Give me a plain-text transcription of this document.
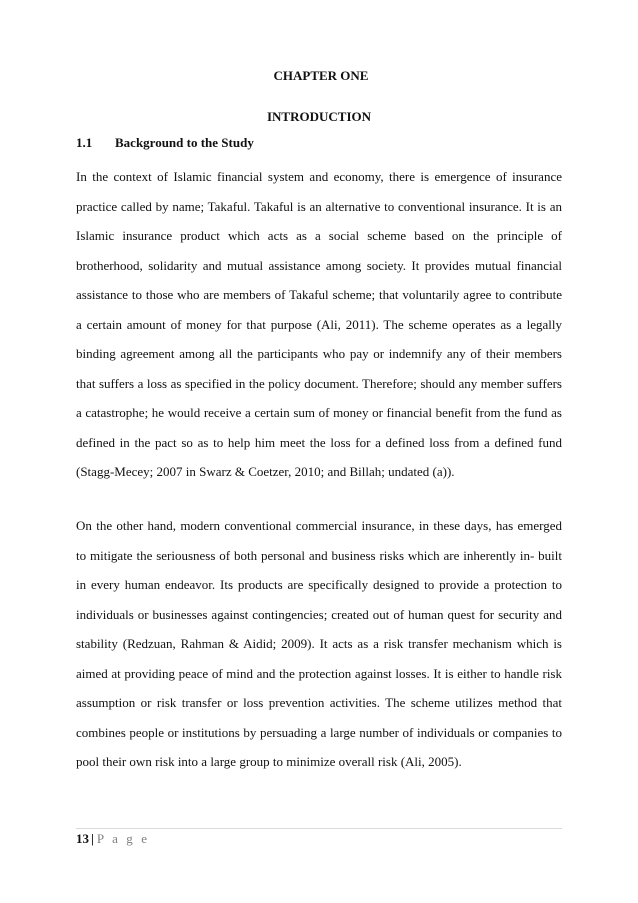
CHAPTER ONE
INTRODUCTION
1.1 Background to the Study

In the context of Islamic financial system and economy, there is emergence of insurance practice called by name; Takaful. Takaful is an alternative to conventional insurance. It is an Islamic insurance product which acts as a social scheme based on the principle of brotherhood, solidarity and mutual assistance among society. It provides mutual financial assistance to those who are members of Takaful scheme; that voluntarily agree to contribute a certain amount of money for that purpose (Ali, 2011). The scheme operates as a legally binding agreement among all the participants who pay or indemnify any of their members that suffers a loss as specified in the policy document. Therefore; should any member suffers a catastrophe; he would receive a certain sum of money or financial benefit from the fund as defined in the pact so as to help him meet the loss for a defined loss from a defined fund (Stagg-Mecey; 2007 in Swarz & Coetzer, 2010; and Billah; undated (a)).

On the other hand, modern conventional commercial insurance, in these days, has emerged to mitigate the seriousness of both personal and business risks which are inherently in- built in every human endeavor. Its products are specifically designed to provide a protection to individuals or businesses against contingencies; created out of human quest for security and stability (Redzuan, Rahman & Aidid; 2009). It acts as a risk transfer mechanism which is aimed at providing peace of mind and the protection against losses. It is either to handle risk assumption or risk transfer or loss prevention activities. The scheme utilizes method that combines people or institutions by persuading a large number of individuals or companies to pool their own risk into a large group to minimize overall risk (Ali, 2005).

13 | P a g e
